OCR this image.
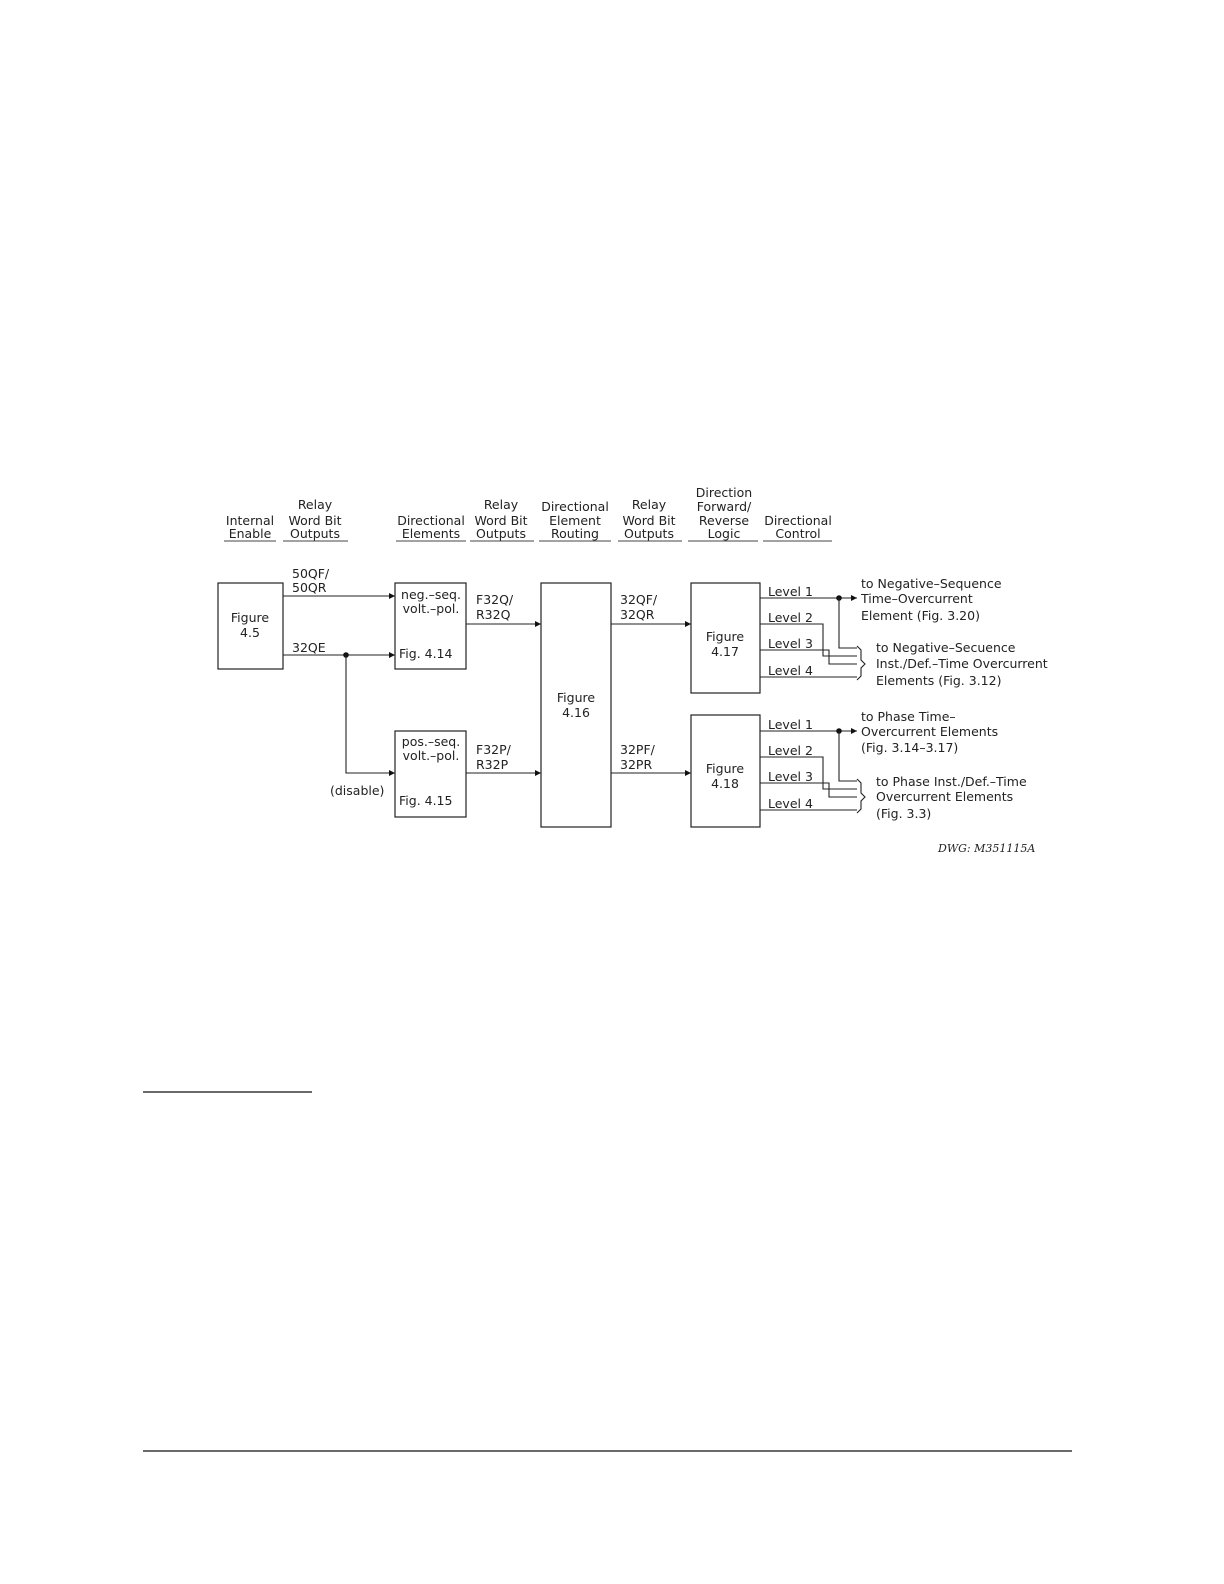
Internal
Enable
Relay
Word Bit
Outputs
Directional
Elements
Relay
Word Bit
Outputs
Directional
Element
Routing
Relay
Word Bit
Outputs
Direction
Forward/
Reverse
Logic
Directional
Control
Figure
4.5
neg.–seq.
volt.–pol.
Fig. 4.14
pos.–seq.
volt.–pol.
Fig. 4.15
Figure
4.16
Figure
4.17
Figure
4.18
50QF/
50QR
32QE
(disable)
F32Q/
R32Q
F32P/
R32P
32QF/
32QR
32PF/
32PR
Level 1
Level 2
Level 3
Level 4
Level 1
Level 2
Level 3
Level 4
to Negative–Sequence
Time–Overcurrent
Element (Fig. 3.20)
to Negative–Secuence
Inst./Def.–Time Overcurrent
Elements (Fig. 3.12)
to Phase Time–
Overcurrent Elements
(Fig. 3.14–3.17)
to Phase Inst./Def.–Time
Overcurrent Elements
(Fig. 3.3)
DWG: M351115A
